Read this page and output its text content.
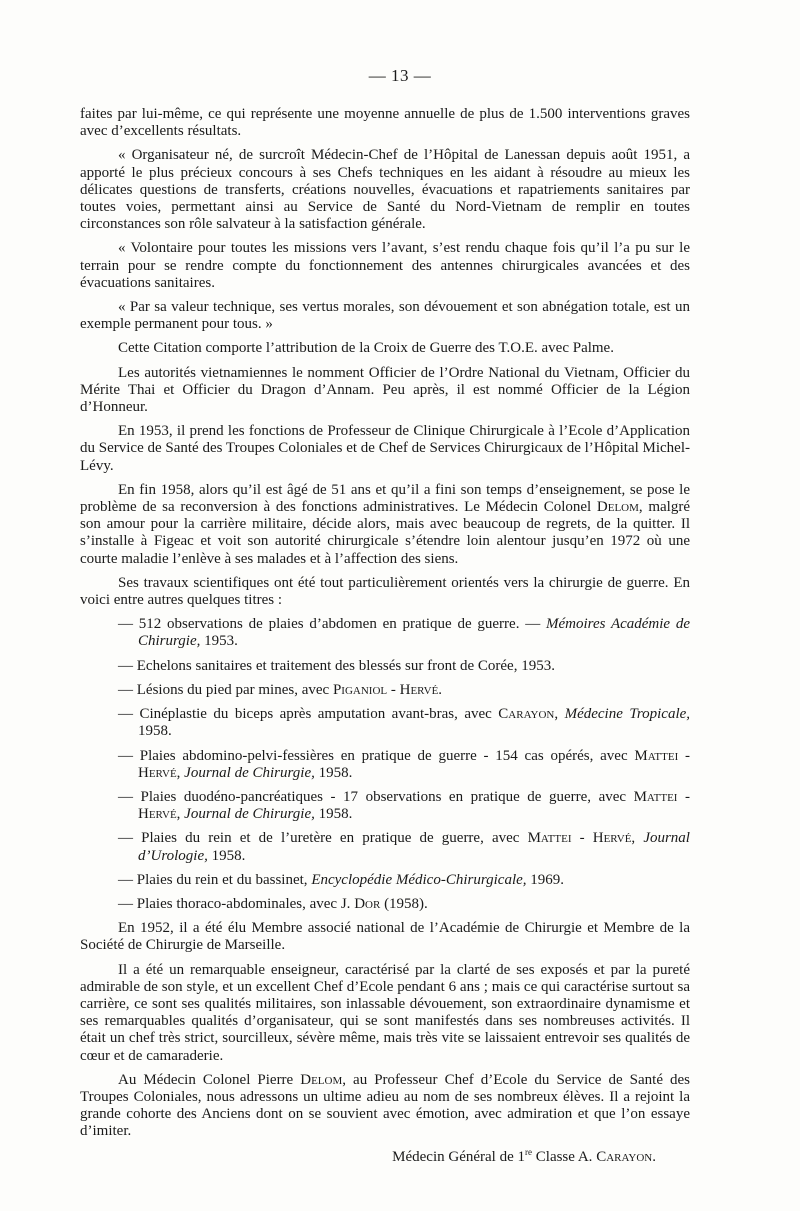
— 13 —

faites par lui-même, ce qui représente une moyenne annuelle de plus de 1.500 interventions graves avec d’excellents résultats.

« Organisateur né, de surcroît Médecin-Chef de l’Hôpital de Lanessan depuis août 1951, a apporté le plus précieux concours à ses Chefs techniques en les aidant à résoudre au mieux les délicates questions de transferts, créations nouvelles, évacuations et rapatriements sanitaires par toutes voies, permettant ainsi au Service de Santé du Nord-Vietnam de remplir en toutes circonstances son rôle salvateur à la satisfaction générale.

« Volontaire pour toutes les missions vers l’avant, s’est rendu chaque fois qu’il l’a pu sur le terrain pour se rendre compte du fonctionnement des antennes chirurgicales avancées et des évacuations sanitaires.

« Par sa valeur technique, ses vertus morales, son dévouement et son abnégation totale, est un exemple permanent pour tous. »

Cette Citation comporte l’attribution de la Croix de Guerre des T.O.E. avec Palme.

Les autorités vietnamiennes le nomment Officier de l’Ordre National du Vietnam, Officier du Mérite Thai et Officier du Dragon d’Annam. Peu après, il est nommé Officier de la Légion d’Honneur.

En 1953, il prend les fonctions de Professeur de Clinique Chirurgicale à l’Ecole d’Application du Service de Santé des Troupes Coloniales et de Chef de Services Chirurgicaux de l’Hôpital Michel-Lévy.

En fin 1958, alors qu’il est âgé de 51 ans et qu’il a fini son temps d’enseignement, se pose le problème de sa reconversion à des fonctions administratives. Le Médecin Colonel Delom, malgré son amour pour la carrière militaire, décide alors, mais avec beaucoup de regrets, de la quitter. Il s’installe à Figeac et voit son autorité chirurgicale s’étendre loin alentour jusqu’en 1972 où une courte maladie l’enlève à ses malades et à l’affection des siens.

Ses travaux scientifiques ont été tout particulièrement orientés vers la chirurgie de guerre. En voici entre autres quelques titres :

— 512 observations de plaies d’abdomen en pratique de guerre. — Mémoires Académie de Chirurgie, 1953.
— Echelons sanitaires et traitement des blessés sur front de Corée, 1953.
— Lésions du pied par mines, avec Piganiol - Hervé.
— Cinéplastie du biceps après amputation avant-bras, avec Carayon, Médecine Tropicale, 1958.
— Plaies abdomino-pelvi-fessières en pratique de guerre - 154 cas opérés, avec Mattei - Hervé, Journal de Chirurgie, 1958.
— Plaies duodéno-pancréatiques - 17 observations en pratique de guerre, avec Mattei - Hervé, Journal de Chirurgie, 1958.
— Plaies du rein et de l’uretère en pratique de guerre, avec Mattei - Hervé, Journal d’Urologie, 1958.
— Plaies du rein et du bassinet, Encyclopédie Médico-Chirurgicale, 1969.
— Plaies thoraco-abdominales, avec J. Dor (1958).

En 1952, il a été élu Membre associé national de l’Académie de Chirurgie et Membre de la Société de Chirurgie de Marseille.

Il a été un remarquable enseigneur, caractérisé par la clarté de ses exposés et par la pureté admirable de son style, et un excellent Chef d’Ecole pendant 6 ans ; mais ce qui caractérise surtout sa carrière, ce sont ses qualités militaires, son inlassable dévouement, son extraordinaire dynamisme et ses remarquables qualités d’organisateur, qui se sont manifestés dans ses nombreuses activités. Il était un chef très strict, sourcilleux, sévère même, mais très vite se laissaient entrevoir ses qualités de cœur et de camaraderie.

Au Médecin Colonel Pierre Delom, au Professeur Chef d’Ecole du Service de Santé des Troupes Coloniales, nous adressons un ultime adieu au nom de ses nombreux élèves. Il a rejoint la grande cohorte des Anciens dont on se souvient avec émotion, avec admiration et que l’on essaye d’imiter.

Médecin Général de 1re Classe A. Carayon.
